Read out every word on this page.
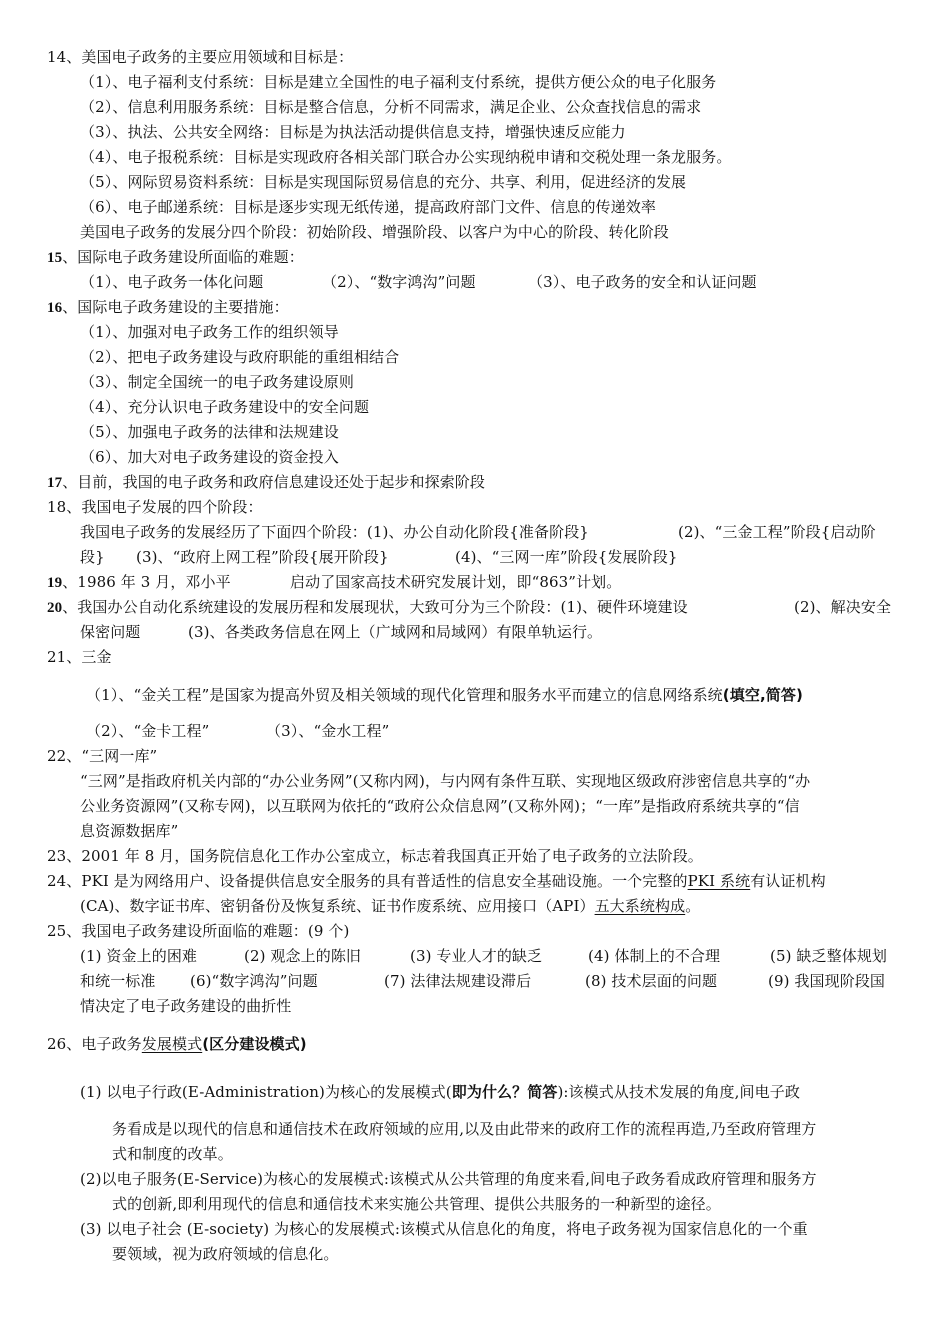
14、美国电子政务的主要应用领域和目标是：
（1）、电子福利支付系统：目标是建立全国性的电子福利支付系统，提供方便公众的电子化服务
（2）、信息利用服务系统：目标是整合信息，分析不同需求，满足企业、公众查找信息的需求
（3）、执法、公共安全网络：目标是为执法活动提供信息支持，增强快速反应能力
（4）、电子报税系统：目标是实现政府各相关部门联合办公实现纳税申请和交税处理一条龙服务。
（5）、网际贸易资料系统：目标是实现国际贸易信息的充分、共享、利用，促进经济的发展
（6）、电子邮递系统：目标是逐步实现无纸传递，提高政府部门文件、信息的传递效率
美国电子政务的发展分四个阶段：初始阶段、增强阶段、以客户为中心的阶段、转化阶段
15、国际电子政务建设所面临的难题：
（1）、电子政务一体化问题	（2）、“数字鸿沟”问题	（3）、电子政务的安全和认证问题
16、国际电子政务建设的主要措施：
（1）、加强对电子政务工作的组织领导
（2）、把电子政务建设与政府职能的重组相结合
（3）、制定全国统一的电子政务建设原则
（4）、充分认识电子政务建设中的安全问题
（5）、加强电子政务的法律和法规建设
（6）、加大对电子政务建设的资金投入
17、目前，我国的电子政务和政府信息建设还处于起步和探索阶段
18、我国电子发展的四个阶段：
我国电子政务的发展经历了下面四个阶段：(1)、办公自动化阶段{准备阶段}	(2)、“三金工程”阶段{启动阶
段} (3)、“政府上网工程”阶段{展开阶段}	(4)、“三网一库”阶段{发展阶段}
19、1986 年 3 月，邓小平	启动了国家高技术研究发展计划，即“863”计划。
20、我国办公自动化系统建设的发展历程和发展现状，大致可分为三个阶段：(1)、硬件环境建设	(2)、解决安全
保密问题	(3)、各类政务信息在网上（广域网和局域网）有限单轨运行。
21、三金
（1）、“金关工程”是国家为提高外贸及相关领域的现代化管理和服务水平而建立的信息网络系统(填空,简答)
（2）、“金卡工程”	（3）、“金水工程”
22、“三网一库”
“三网”是指政府机关内部的“办公业务网”(又称内网)，与内网有条件互联、实现地区级政府涉密信息共享的“办
公业务资源网”(又称专网)，以互联网为依托的“政府公众信息网”(又称外网)；“一库”是指政府系统共享的“信
息资源数据库”
23、2001 年 8 月，国务院信息化工作办公室成立，标志着我国真正开始了电子政务的立法阶段。
24、PKI 是为网络用户、设备提供信息安全服务的具有普适性的信息安全基础设施。一个完整的PKI 系统有认证机构
(CA)、数字证书库、密钥备份及恢复系统、证书作废系统、应用接口（API）五大系统构成。
25、我国电子政务建设所面临的难题：(9 个)
(1) 资金上的困难	(2) 观念上的陈旧	(3) 专业人才的缺乏	(4) 体制上的不合理	(5) 缺乏整体规划
和统一标准 (6)“数字鸿沟”问题	(7) 法律法规建设滞后	(8) 技术层面的问题	(9) 我国现阶段国
情决定了电子政务建设的曲折性
26、电子政务发展模式(区分建设模式)
(1) 以电子行政(E-Administration)为核心的发展模式(即为什么？简答):该模式从技术发展的角度,间电子政
务看成是以现代的信息和通信技术在政府领域的应用,以及由此带来的政府工作的流程再造,乃至政府管理方
式和制度的改革。
(2)以电子服务(E-Service)为核心的发展模式:该模式从公共管理的角度来看,间电子政务看成政府管理和服务方
式的创新,即利用现代的信息和通信技术来实施公共管理、提供公共服务的一种新型的途径。
(3) 以电子社会 (E-society) 为核心的发展模式:该模式从信息化的角度，将电子政务视为国家信息化的一个重
要领域，视为政府领域的信息化。
